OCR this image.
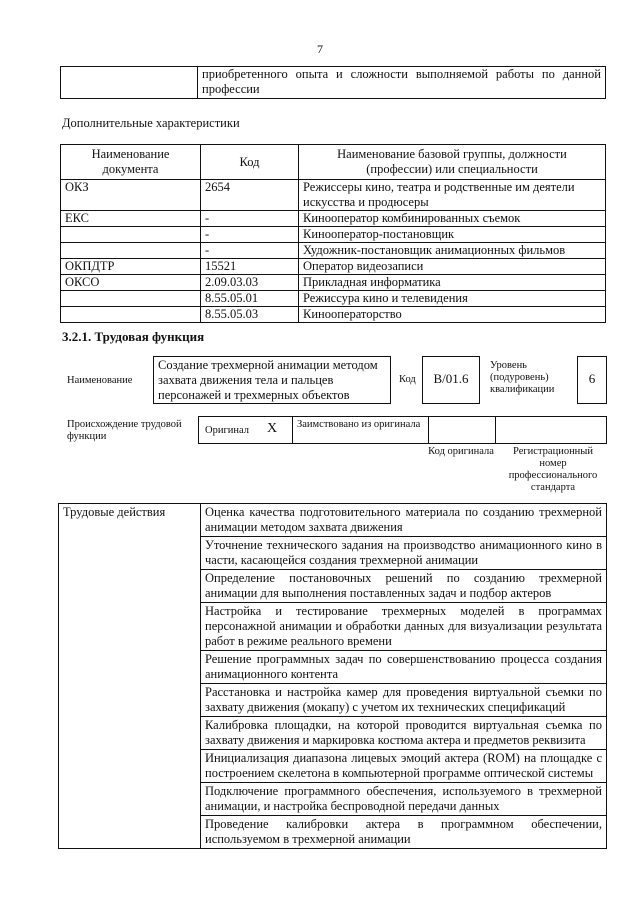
7
	приобретенного опыта и сложности выполняемой работы по данной профессии
Дополнительные характеристики
Наименование документа	Код	Наименование базовой группы, должности (профессии) или специальности
ОКЗ	2654	Режиссеры кино, театра и родственные им деятели искусства и продюсеры
ЕКС	-	Кинооператор комбинированных съемок
	-	Кинооператор-постановщик
	-	Художник-постановщик анимационных фильмов
ОКПДТР	15521	Оператор видеозаписи
ОКСО	2.09.03.03	Прикладная информатика
	8.55.05.01	Режиссура кино и телевидения
	8.55.05.03	Кинооператорство
3.2.1. Трудовая функция
Наименование
Создание трехмерной анимации методом захвата движения тела и пальцев персонажей и трехмерных объектов
Код	B/01.6
Уровень (подуровень) квалификации
6
Происхождение трудовой функции
Оригинал X Заимствовано из оригинала
Код оригинала	Регистрационный номер профессионального стандарта
Трудовые действия	Оценка качества подготовительного материала по созданию трехмерной анимации методом захвата движения
Уточнение технического задания на производство анимационного кино в части, касающейся создания трехмерной анимации
Определение постановочных решений по созданию трехмерной анимации для выполнения поставленных задач и подбор актеров
Настройка и тестирование трехмерных моделей в программах персонажной анимации и обработки данных для визуализации результата работ в режиме реального времени
Решение программных задач по совершенствованию процесса создания анимационного контента
Расстановка и настройка камер для проведения виртуальной съемки по захвату движения (мокапу) с учетом их технических спецификаций
Калибровка площадки, на которой проводится виртуальная съемка по захвату движения и маркировка костюма актера и предметов реквизита
Инициализация диапазона лицевых эмоций актера (ROM) на площадке с построением скелетона в компьютерной программе оптической системы
Подключение программного обеспечения, используемого в трехмерной анимации, и настройка беспроводной передачи данных
Проведение калибровки актера в программном обеспечении, используемом в трехмерной анимации
